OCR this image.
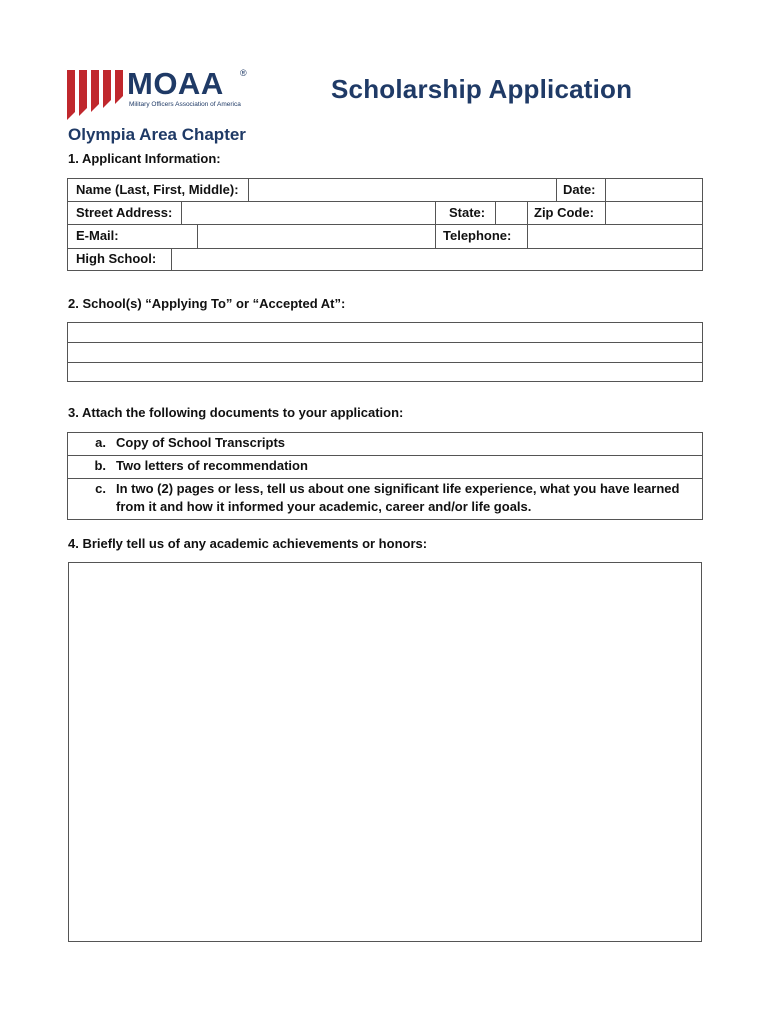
MOAA ®
Military Officers Association of America
Scholarship Application
Olympia Area Chapter
1. Applicant Information:
Name (Last, First, Middle):	Date:
Street Address:	State:	Zip Code:
E-Mail:	Telephone:
High School:
2. School(s) “Applying To” or “Accepted At”:
3. Attach the following documents to your application:
a.	Copy of School Transcripts
b.	Two letters of recommendation
c.	In two (2) pages or less, tell us about one significant life experience, what you have learned from it and how it informed your academic, career and/or life goals.
4. Briefly tell us of any academic achievements or honors:
